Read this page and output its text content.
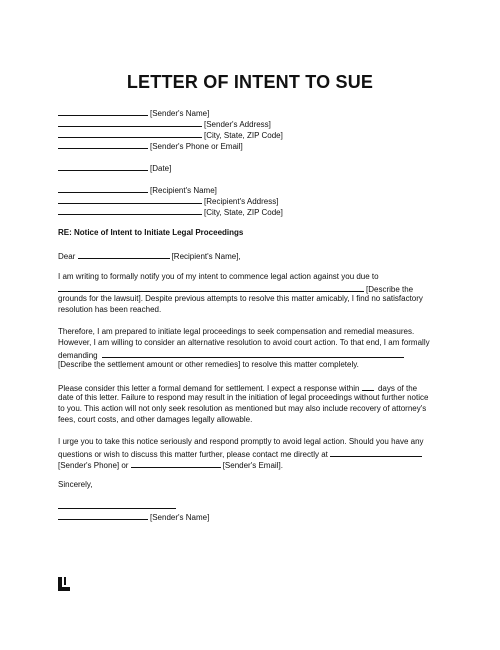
LETTER OF INTENT TO SUE
[Sender's Name]
[Sender's Address]
[City, State, ZIP Code]
[Sender's Phone or Email]
[Date]
[Recipient's Name]
[Recipient's Address]
[City, State, ZIP Code]
RE: Notice of Intent to Initiate Legal Proceedings
Dear	[Recipient's Name],
I am writing to formally notify you of my intent to commence legal action against you due to
[Describe the
grounds for the lawsuit]. Despite previous attempts to resolve this matter amicably, I find no satisfactory
resolution has been reached.
Therefore, I am prepared to initiate legal proceedings to seek compensation and remedial measures.
However, I am willing to consider an alternative resolution to avoid court action. To that end, I am formally
demanding
[Describe the settlement amount or other remedies] to resolve this matter completely.
Please consider this letter a formal demand for settlement. I expect a response within days of the
date of this letter. Failure to respond may result in the initiation of legal proceedings without further notice
to you. This action will not only seek resolution as mentioned but may also include recovery of attorney's
fees, court costs, and other damages legally allowable.
I urge you to take this notice seriously and respond promptly to avoid legal action. Should you have any
questions or wish to discuss this matter further, please contact me directly at
[Sender's Phone] or	[Sender's Email].
Sincerely,
[Sender's Name]
